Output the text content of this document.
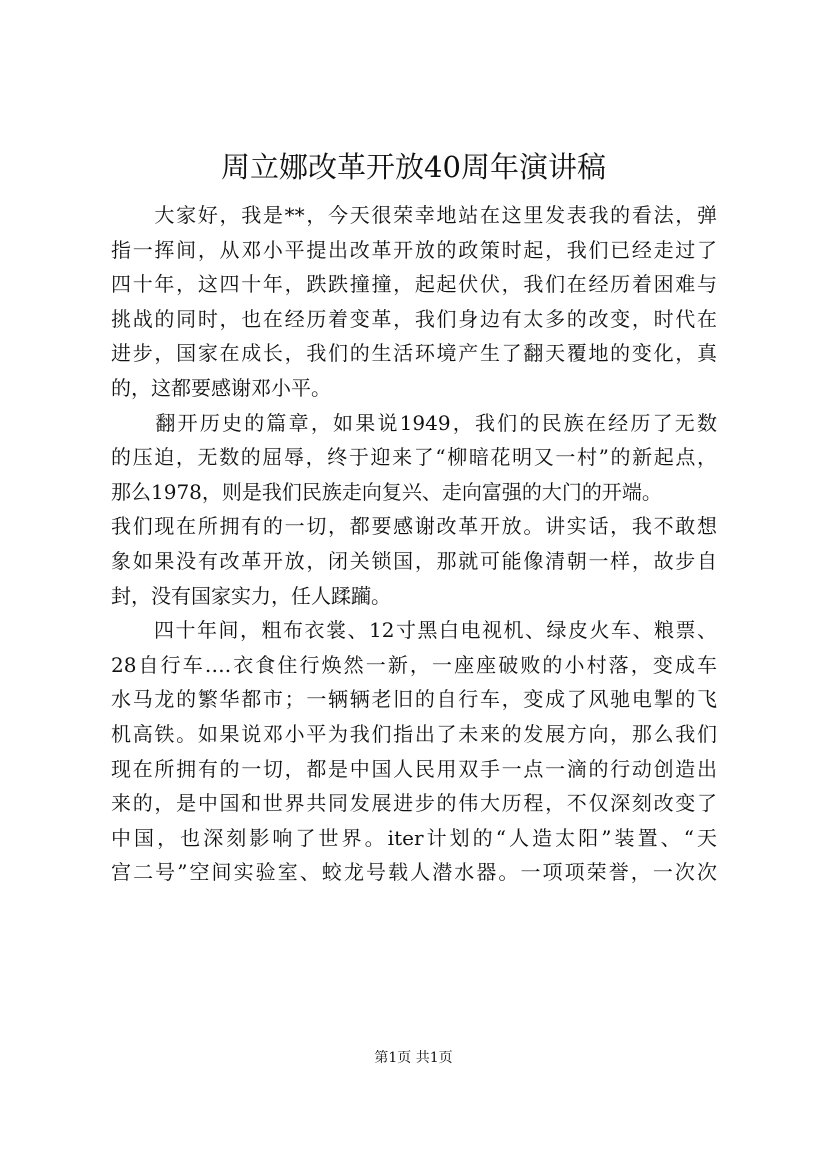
周立娜改革开放40周年演讲稿
　　大家好，我是**，今天很荣幸地站在这里发表我的看法，弹
指一挥间，从邓小平提出改革开放的政策时起，我们已经走过了
四十年，这四十年，跌跌撞撞，起起伏伏，我们在经历着困难与
挑战的同时，也在经历着变革，我们身边有太多的改变，时代在
进步，国家在成长，我们的生活环境产生了翻天覆地的变化，真
的，这都要感谢邓小平。
　　翻开历史的篇章，如果说1949，我们的民族在经历了无数
的压迫，无数的屈辱，终于迎来了“柳暗花明又一村”的新起点，
那么1978，则是我们民族走向复兴、走向富强的大门的开端。
我们现在所拥有的一切，都要感谢改革开放。讲实话，我不敢想
象如果没有改革开放，闭关锁国，那就可能像清朝一样，故步自
封，没有国家实力，任人蹂躏。
　　四十年间，粗布衣裳、12寸黑白电视机、绿皮火车、粮票、
28自行车….衣食住行焕然一新，一座座破败的小村落，变成车
水马龙的繁华都市；一辆辆老旧的自行车，变成了风驰电掣的飞
机高铁。如果说邓小平为我们指出了未来的发展方向，那么我们
现在所拥有的一切，都是中国人民用双手一点一滴的行动创造出
来的，是中国和世界共同发展进步的伟大历程，不仅深刻改变了
中国，也深刻影响了世界。iter计划的“人造太阳”装置、“天
宫二号”空间实验室、蛟龙号载人潜水器。一项项荣誉，一次次
第1页 共1页
